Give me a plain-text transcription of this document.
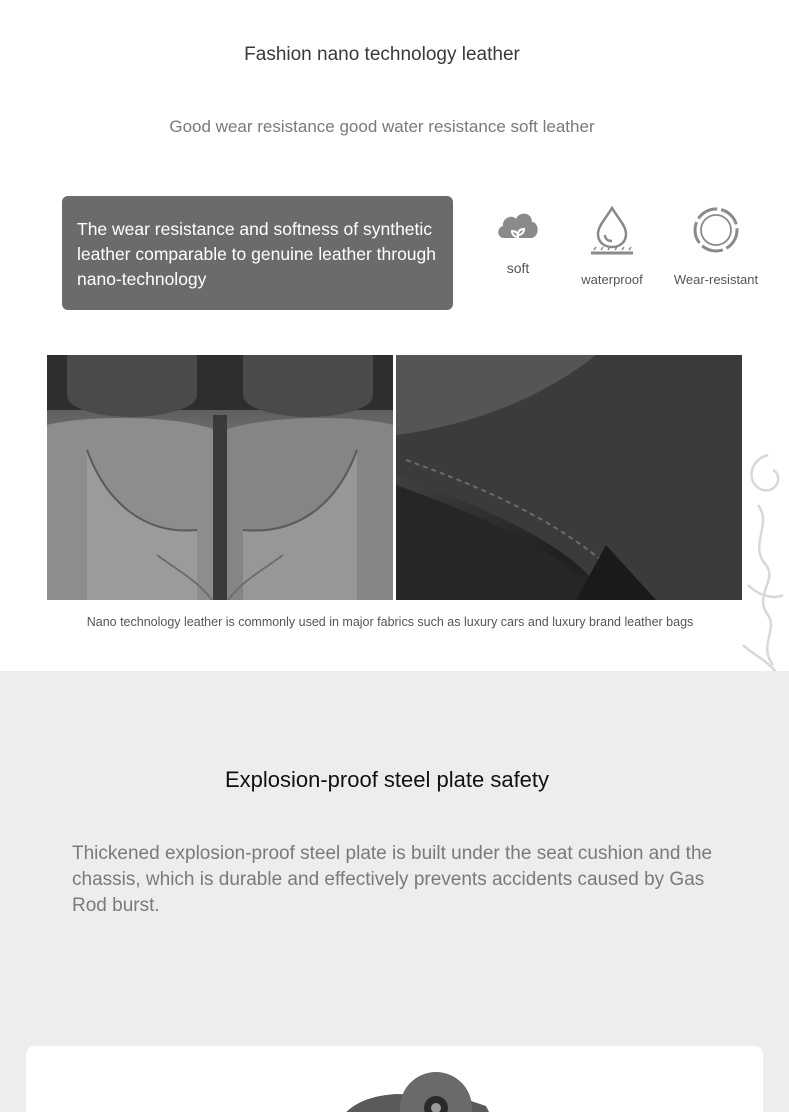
Fashion nano technology leather
Good wear resistance good water resistance soft leather

The wear resistance and softness of synthetic leather comparable to genuine leather through nano-technology

soft
waterproof	Wear-resistant
Nano technology leather is commonly used in major fabrics such as luxury cars and luxury brand leather bags
Explosion-proof steel plate safety
Thickened explosion-proof steel plate is built under the seat cushion and the chassis, which is durable and effectively prevents accidents caused by Gas Rod burst.
